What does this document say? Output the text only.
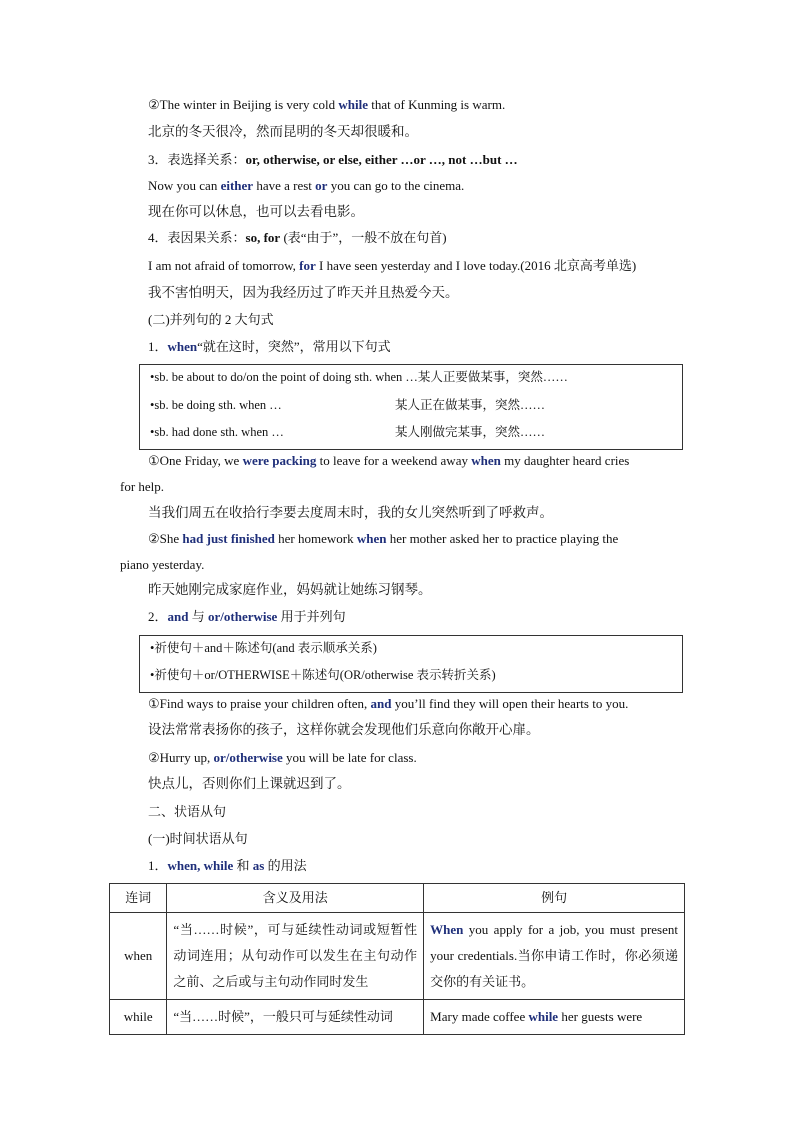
②The winter in Beijing is very cold while that of Kunming is warm.
北京的冬天很冷，然而昆明的冬天却很暖和。
3．表选择关系：or, otherwise, or else, either …or …, not …but …
Now you can either have a rest or you can go to the cinema.
现在你可以休息，也可以去看电影。
4．表因果关系：so, for (表“由于”，一般不放在句首)
I am not afraid of tomorrow, for I have seen yesterday and I love today.(2016 北京高考单选)
我不害怕明天，因为我经历过了昨天并且热爱今天。
(二)并列句的 2 大句式
1．when“就在这时，突然”，常用以下句式
•sb. be about to do/on the point of doing sth. when …某人正要做某事，突然……
•sb. be doing sth. when …	某人正在做某事，突然……
•sb. had done sth. when …	某人刚做完某事，突然……
①One Friday, we were packing to leave for a weekend away when my daughter heard cries
for help.
当我们周五在收拾行李要去度周末时，我的女儿突然听到了呼救声。
②She had just finished her homework when her mother asked her to practice playing the
piano yesterday.
昨天她刚完成家庭作业，妈妈就让她练习钢琴。
2．and 与 or/otherwise 用于并列句
•祈使句＋and＋陈述句(and 表示顺承关系)
•祈使句＋or/OTHERWISE＋陈述句(OR/otherwise 表示转折关系)
①Find ways to praise your children often, and you’ll find they will open their hearts to you.
设法常常表扬你的孩子，这样你就会发现他们乐意向你敞开心扉。
②Hurry up, or/otherwise you will be late for class.
快点儿，否则你们上课就迟到了。
二、状语从句
(一)时间状语从句
1．when, while 和 as 的用法
连词	含义及用法	例句
when	“当……时候”，可与延续性动词或短暂性动词连用；从句动作可以发生在主句动作之前、之后或与主句动作同时发生	When you apply for a job, you must present your credentials.当你申请工作时，你必须递交你的有关证书。
while	“当……时候”，一般只可与延续性动词	Mary made coffee while her guests were
